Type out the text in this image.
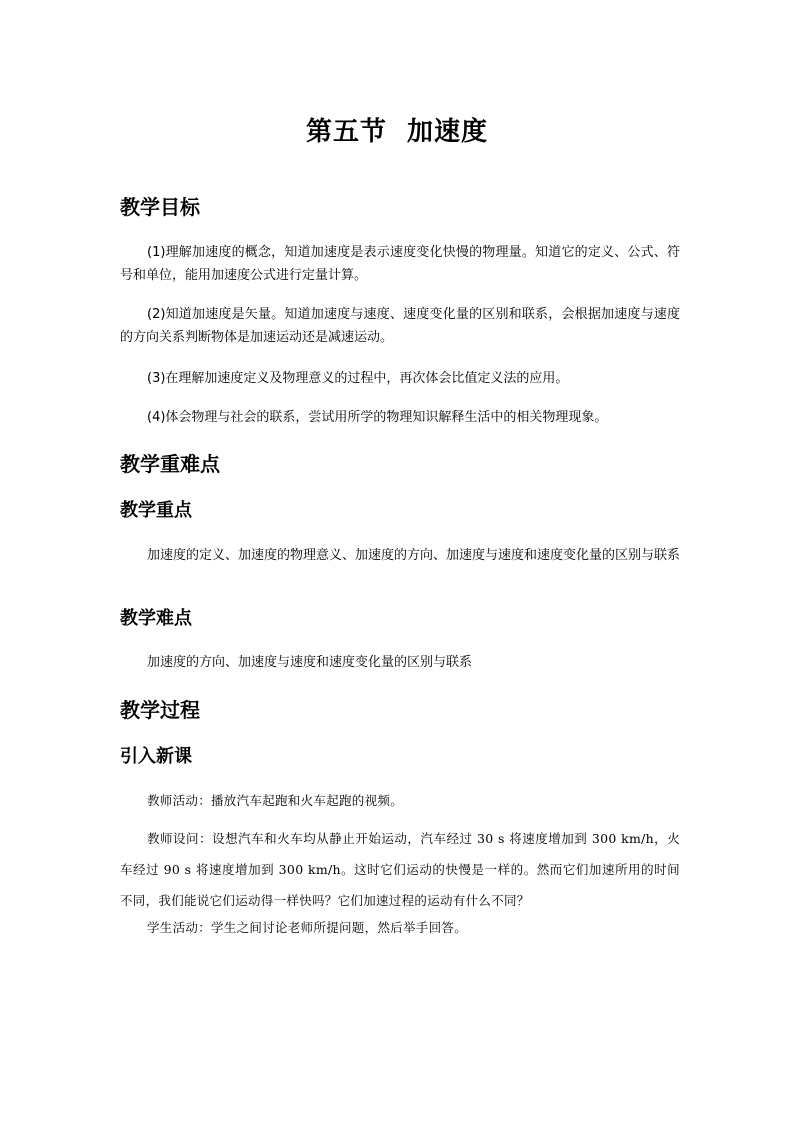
第五节  加速度
教学目标
(1)理解加速度的概念，知道加速度是表示速度变化快慢的物理量。知道它的定义、公式、符号和单位，能用加速度公式进行定量计算。
(2)知道加速度是矢量。知道加速度与速度、速度变化量的区别和联系，会根据加速度与速度的方向关系判断物体是加速运动还是减速运动。
(3)在理解加速度定义及物理意义的过程中，再次体会比值定义法的应用。
(4)体会物理与社会的联系，尝试用所学的物理知识解释生活中的相关物理现象。
教学重难点
教学重点
加速度的定义、加速度的物理意义、加速度的方向、加速度与速度和速度变化量的区别与联系
教学难点
加速度的方向、加速度与速度和速度变化量的区别与联系
教学过程
引入新课
教师活动：播放汽车起跑和火车起跑的视频。
教师设问：设想汽车和火车均从静止开始运动，汽车经过 30 s 将速度增加到 300 km/h，火车经过 90 s 将速度增加到 300 km/h。这时它们运动的快慢是一样的。然而它们加速所用的时间不同，我们能说它们运动得一样快吗？它们加速过程的运动有什么不同？
学生活动：学生之间讨论老师所提问题，然后举手回答。
